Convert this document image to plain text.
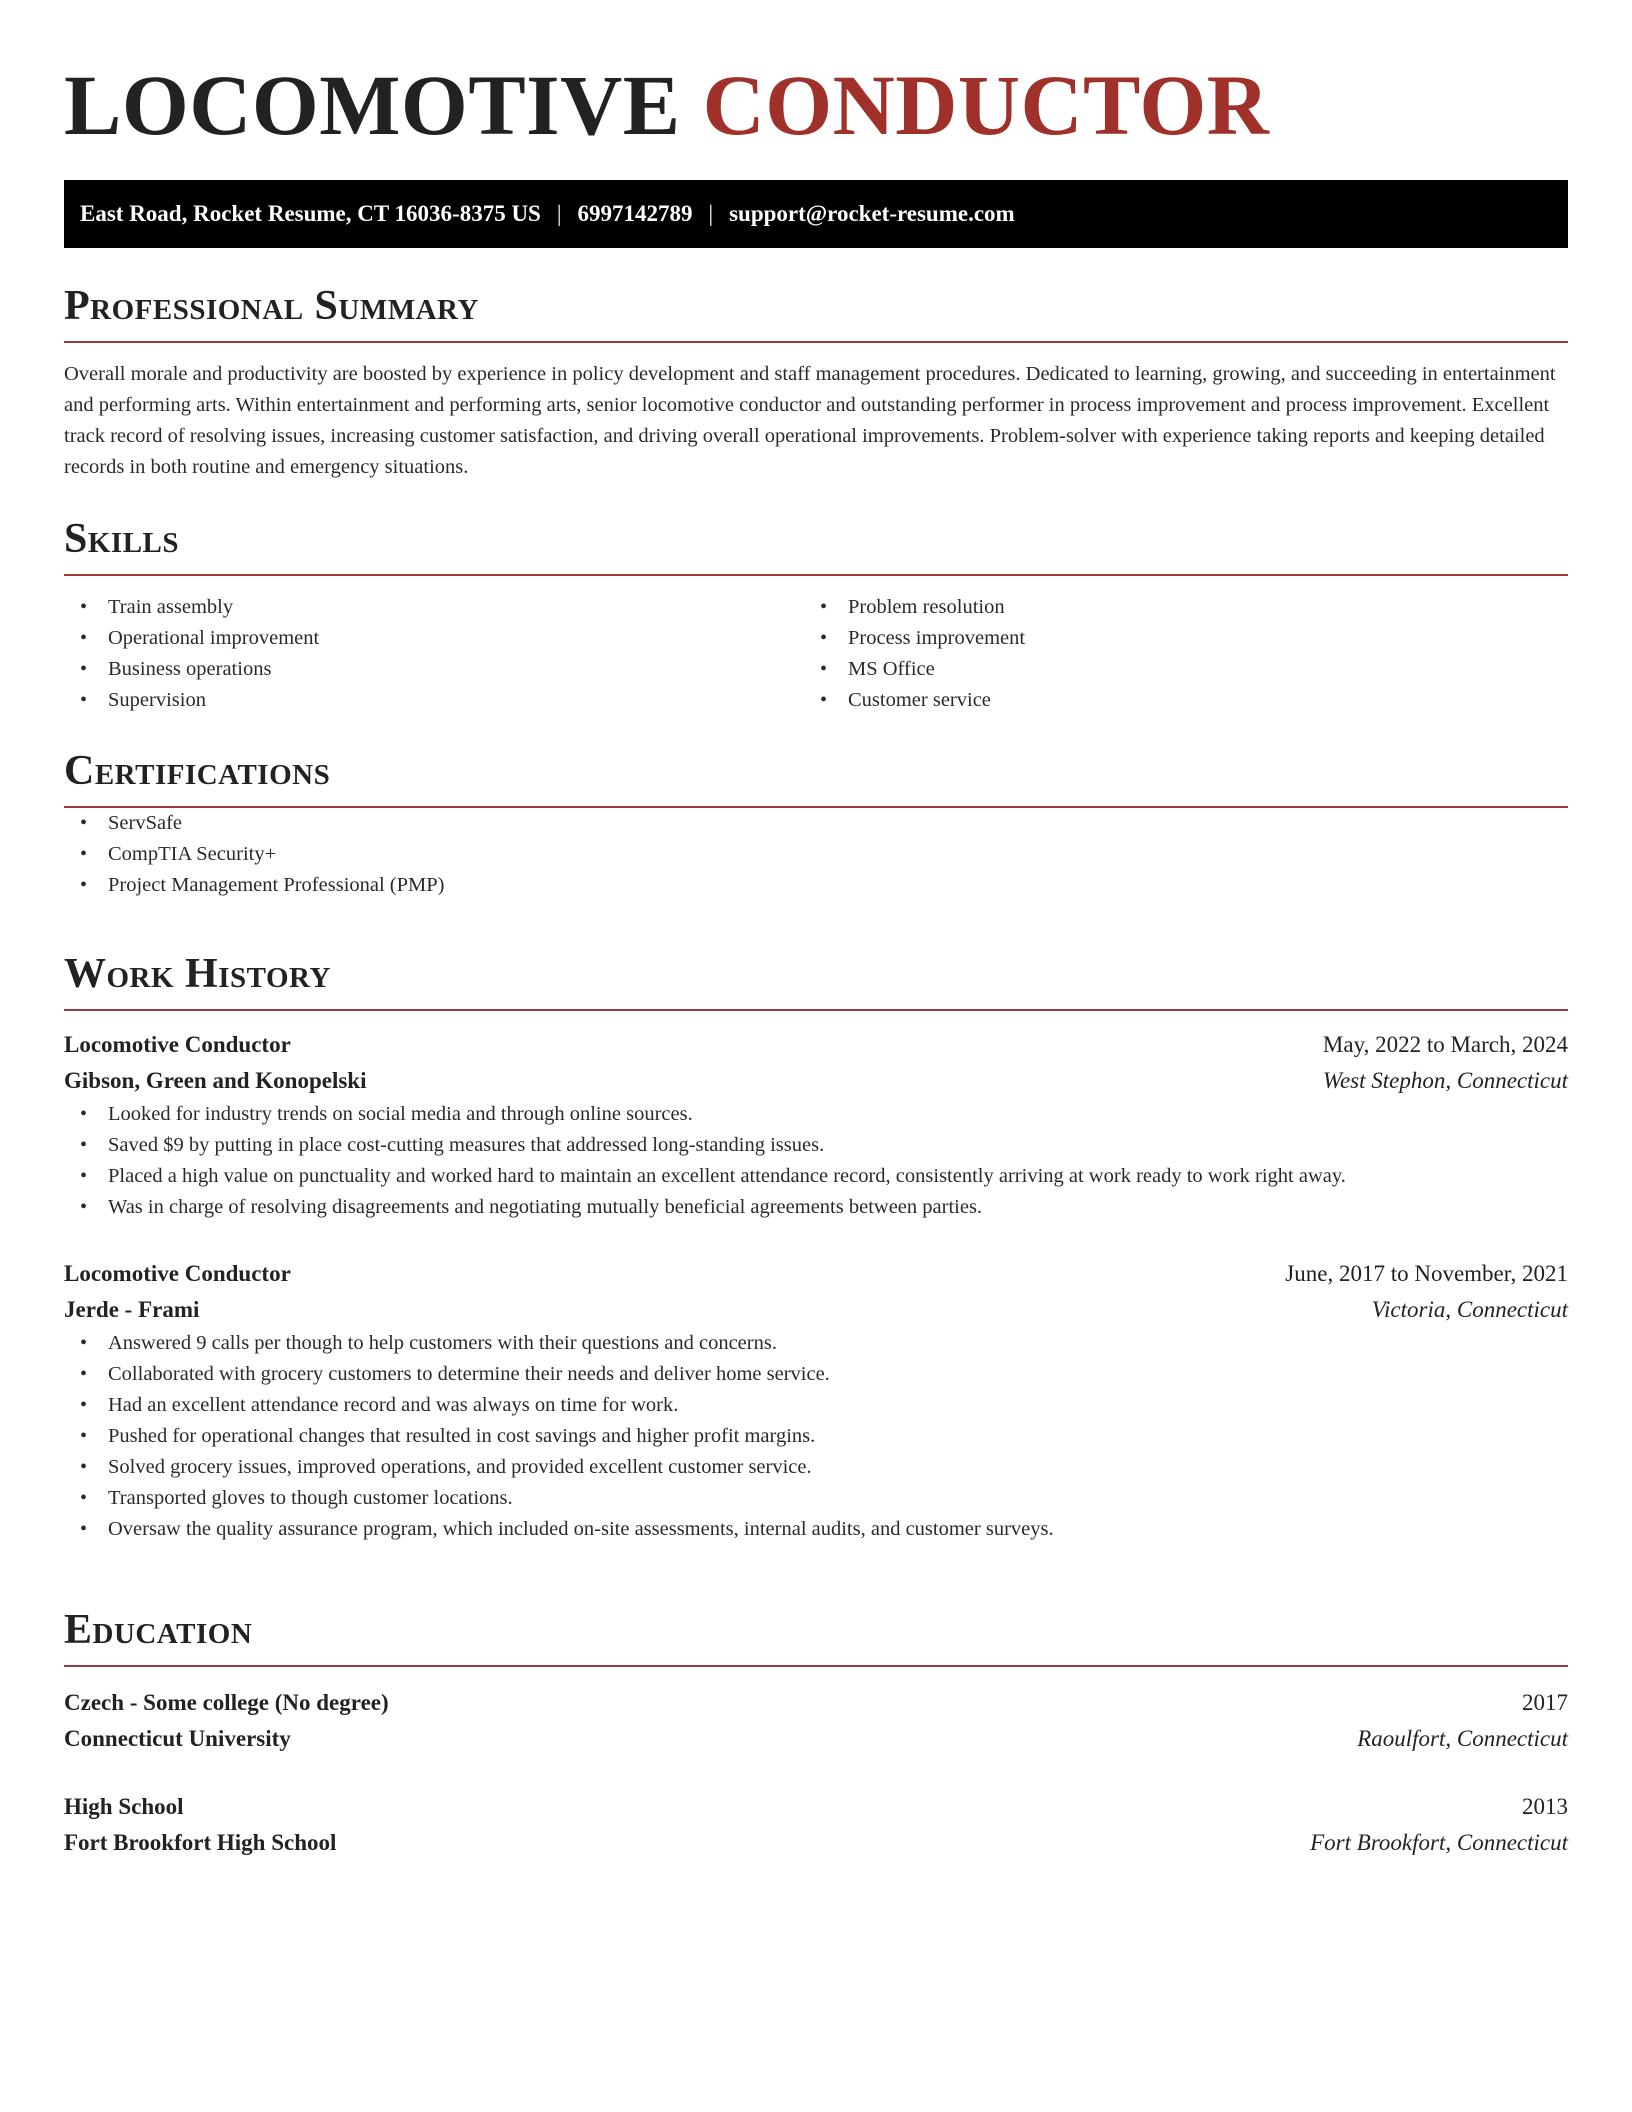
LOCOMOTIVE CONDUCTOR
East Road, Rocket Resume, CT 16036-8375 US | 6997142789 | support@rocket-resume.com
Professional Summary

Overall morale and productivity are boosted by experience in policy development and staff management procedures. Dedicated to learning, growing, and succeeding in entertainment and performing arts. Within entertainment and performing arts, senior locomotive conductor and outstanding performer in process improvement and process improvement. Excellent track record of resolving issues, increasing customer satisfaction, and driving overall operational improvements. Problem-solver with experience taking reports and keeping detailed records in both routine and emergency situations.

Skills
• Train assembly
• Operational improvement
• Business operations
• Supervision
• Problem resolution
• Process improvement
• MS Office
• Customer service
Certifications
• ServSafe
• CompTIA Security+
• Project Management Professional (PMP)
Work History
Locomotive Conductor	May, 2022 to March, 2024
Gibson, Green and Konopelski	West Stephon, Connecticut
• Looked for industry trends on social media and through online sources.
• Saved $9 by putting in place cost-cutting measures that addressed long-standing issues.
• Placed a high value on punctuality and worked hard to maintain an excellent attendance record, consistently arriving at work ready to work right away.
• Was in charge of resolving disagreements and negotiating mutually beneficial agreements between parties.
Locomotive Conductor	June, 2017 to November, 2021
Jerde - Frami	Victoria, Connecticut
• Answered 9 calls per though to help customers with their questions and concerns.
• Collaborated with grocery customers to determine their needs and deliver home service.
• Had an excellent attendance record and was always on time for work.
• Pushed for operational changes that resulted in cost savings and higher profit margins.
• Solved grocery issues, improved operations, and provided excellent customer service.
• Transported gloves to though customer locations.
• Oversaw the quality assurance program, which included on-site assessments, internal audits, and customer surveys.
Education
Czech - Some college (No degree)	2017
Connecticut University	Raoulfort, Connecticut
High School	2013
Fort Brookfort High School	Fort Brookfort, Connecticut
